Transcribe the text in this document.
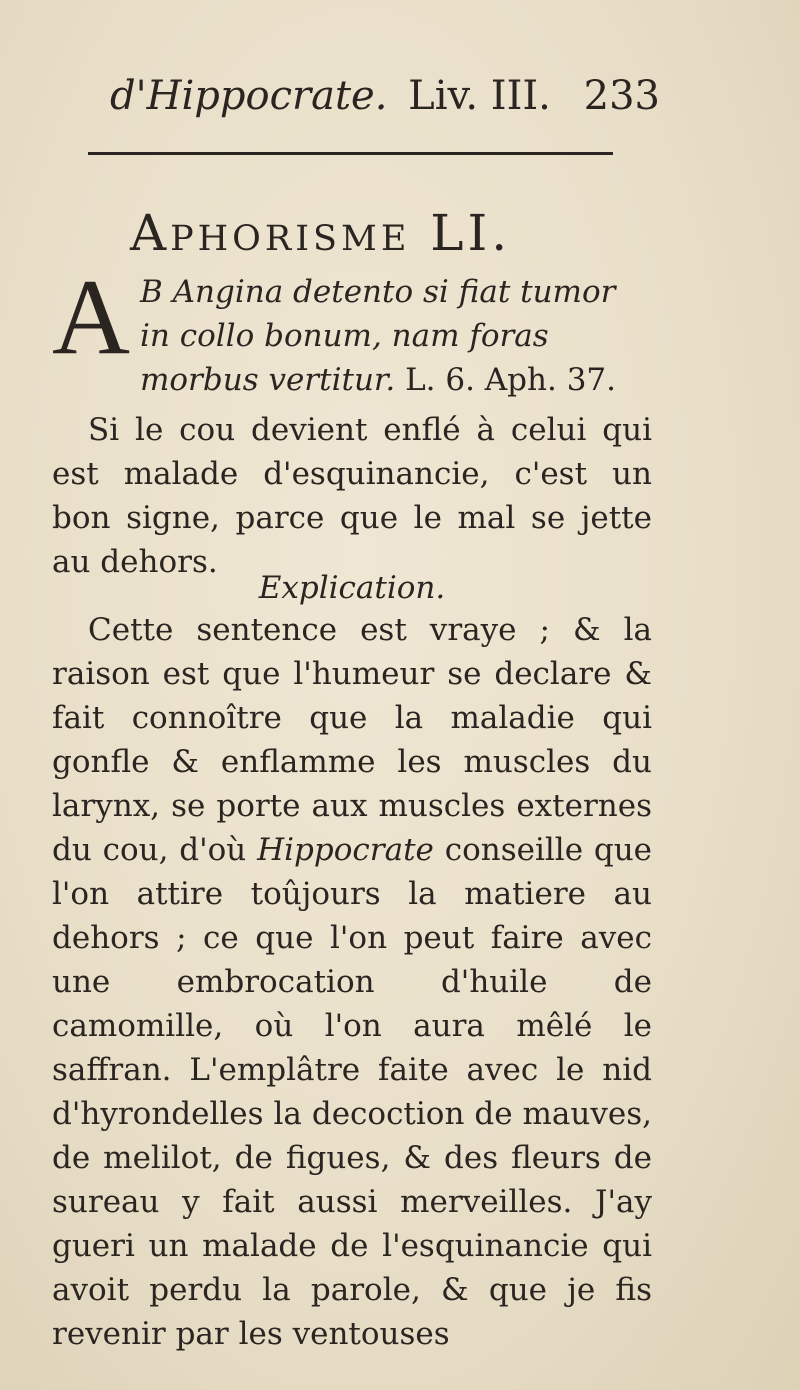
d'Hippocrate. Liv. III. 233
Aphorisme LI.
A B Angina detento si fiat tumor in collo bonum, nam foras morbus vertitur. L. 6. Aph. 37.
Si le cou devient enflé à celui qui est malade d'esquinancie, c'est un bon signe, parce que le mal se jette au dehors.
Explication.
Cette sentence est vraye ; & la raison est que l'humeur se declare & fait connoître que la maladie qui gonfle & enflamme les muscles du larynx, se porte aux muscles externes du cou, d'où Hippocrate conseille que l'on attire toûjours la matiere au dehors ; ce que l'on peut faire avec une embrocation d'huile de camomille, où l'on aura mêlé le saffran. L'emplâtre faite avec le nid d'hyrondelles la decoction de mauves, de melilot, de figues, & des fleurs de sureau y fait aussi merveilles. J'ay gueri un malade de l'esquinancie qui avoit perdu la parole, & que je fis revenir par les ventouses
